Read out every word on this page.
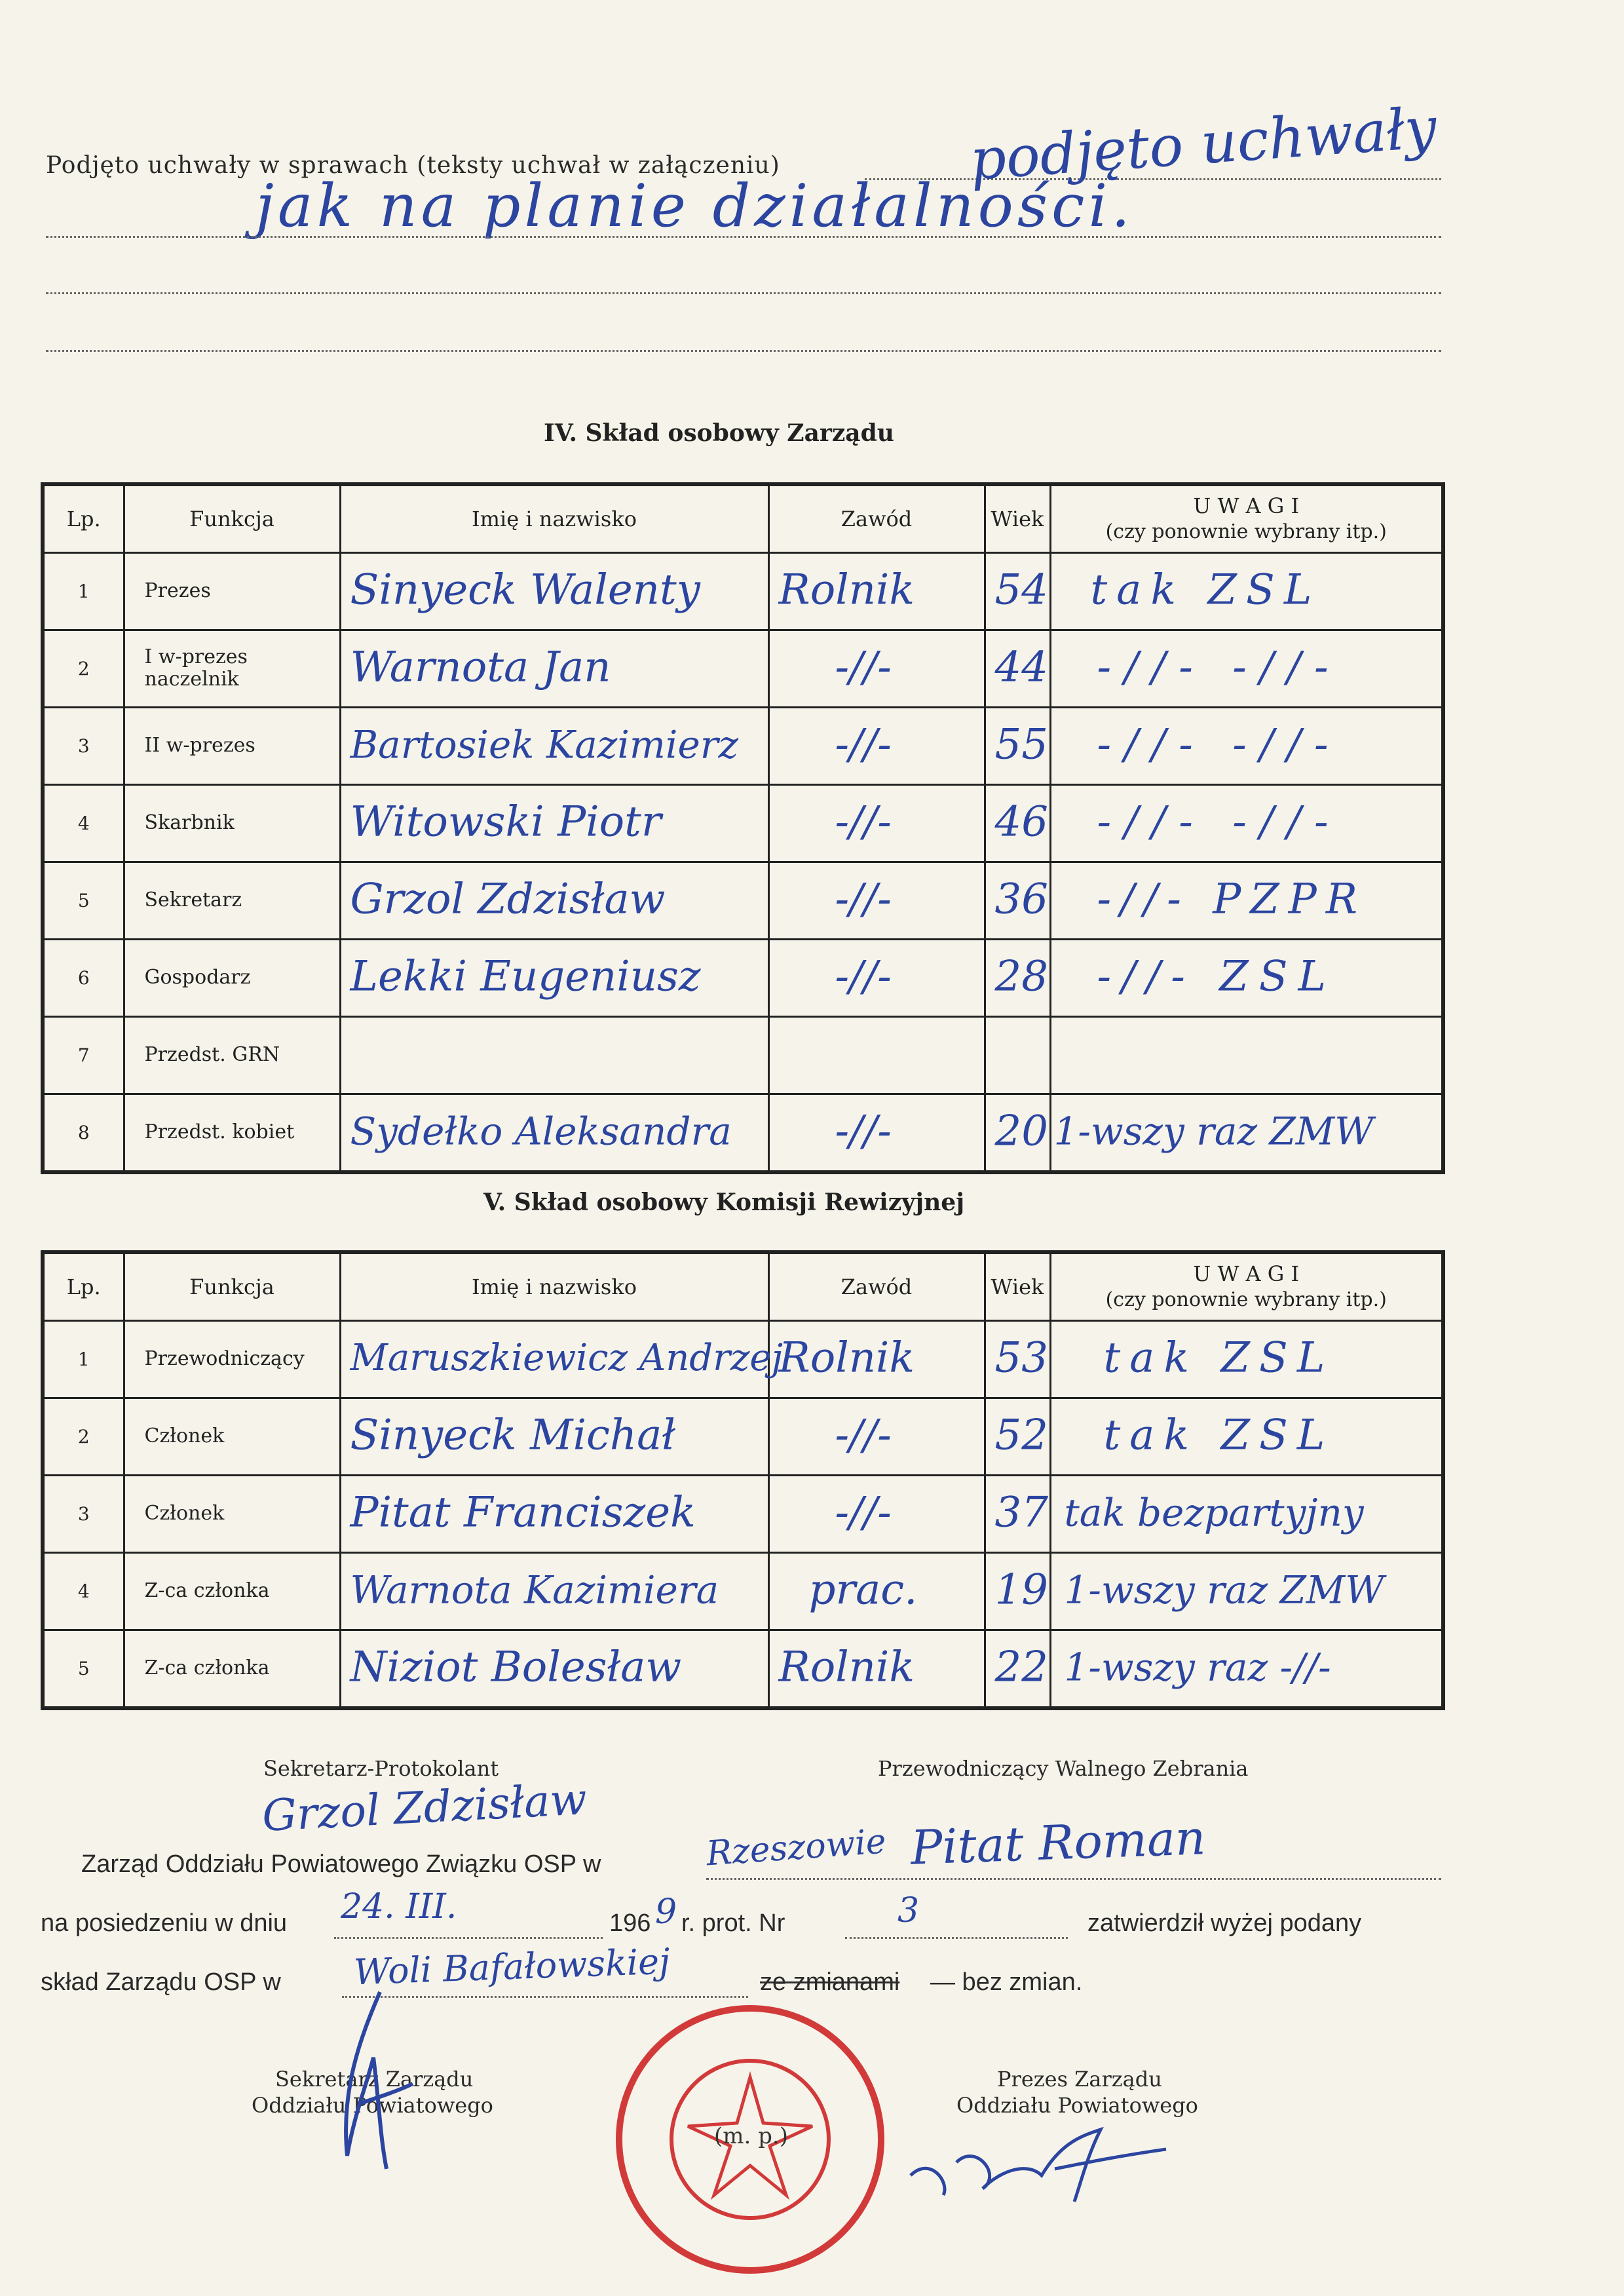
Podjęto uchwały w sprawach (teksty uchwał w załączeniu)	podjęto uchwały
jak na planie działalności.
IV. Skład osobowy Zarządu
Lp.	Funkcja	Imię i nazwisko	Zawód	Wiek	U W A G I
(czy ponownie wybrany itp.)

1	Prezes	Sinyeck Walenty	Rolnik	54	tak ZSL

2	I w-prezes naczelnik	Warnota Jan	-//-	44	-//- -//-

3	II w-prezes	Bartosiek Kazimierz	-//-	55	-//- -//-

4	Skarbnik	Witowski Piotr	-//-	46	-//- -//-

5	Sekretarz	Grzol Zdzisław	-//-	36	-//- PZPR

6	Gospodarz	Lekki Eugeniusz	-//-	28	-//- ZSL

7	Przedst. GRN	

8	Przedst. kobiet	Sydełko Aleksandra	-//-	20	1-wszy raz ZMW
V. Skład osobowy Komisji Rewizyjnej
Lp.	Funkcja	Imię i nazwisko	Zawód	Wiek	U W A G I
(czy ponownie wybrany itp.)

1	Przewodniczący	Maruszkiewicz Andrzej	Rolnik	53	tak ZSL

2	Członek	Sinyeck Michał	-//-	52	tak ZSL

3	Członek	Pitat Franciszek	-//-	37	tak bezpartyjny

4	Z-ca członka	Warnota Kazimiera	prac.	19	1-wszy raz ZMW

5	Z-ca członka	Niziot Bolesław	Rolnik	22	1-wszy raz -//-
Sekretarz-Protokolant
Grzol Zdzisław
Przewodniczący Walnego Zebrania
Zarząd Oddziału Powiatowego Związku OSP w	Rzeszowie Pitat Roman
na posiedzeniu w dniu 24. III.	196 9 r. prot. Nr	3	zatwierdził wyżej podany
skład Zarządu OSP w Woli Bafałowskiej	ze zmianami — bez zmian.
Sekretarz Zarządu
Oddziału Powiatowego
Prezes Zarządu
Oddziału Powiatowego
(m. p.)
